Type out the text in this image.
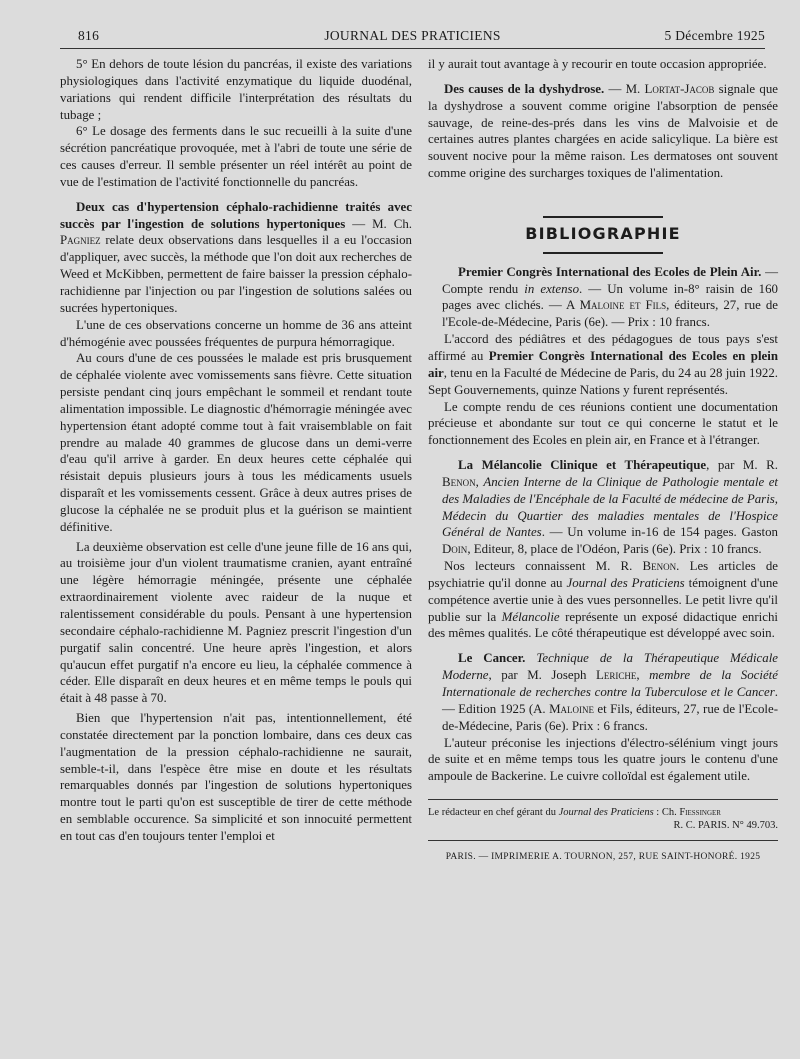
816	JOURNAL DES PRATICIENS	5 Décembre 1925

5° En dehors de toute lésion du pancréas, il existe des variations physiologiques dans l'activité enzymatique du liquide duodénal, variations qui rendent difficile l'interprétation des résultats du tubage ;

6° Le dosage des ferments dans le suc recueilli à la suite d'une sécrétion pancréatique provoquée, met à l'abri de toute une série de ces causes d'erreur. Il semble présenter un réel intérêt au point de vue de l'estimation de l'activité fonctionnelle du pancréas.

Deux cas d'hypertension céphalo-rachidienne traités avec succès par l'ingestion de solutions hypertoniques — M. Ch. Pagniez relate deux observations dans lesquelles il a eu l'occasion d'appliquer, avec succès, la méthode que l'on doit aux recherches de Weed et McKibben, permettent de faire baisser la pression céphalo-rachidienne par l'injection ou par l'ingestion de solutions salées ou sucrées hypertoniques.

L'une de ces observations concerne un homme de 36 ans atteint d'hémogénie avec poussées fréquentes de purpura hémorragique.

Au cours d'une de ces poussées le malade est pris brusquement de céphalée violente avec vomissements sans fièvre. Cette situation persiste pendant cinq jours empêchant le sommeil et rendant toute alimentation impossible. Le diagnostic d'hémorragie méningée avec hypertension étant adopté comme tout à fait vraisemblable on fait prendre au malade 40 grammes de glucose dans un demi-verre d'eau qu'il arrive à garder. En deux heures cette céphalée qui résistait depuis plusieurs jours à tous les médicaments usuels disparaît et les vomissements cessent. Grâce à deux autres prises de glucose la céphalée ne se produit plus et la guérison se maintient définitive.

La deuxième observation est celle d'une jeune fille de 16 ans qui, au troisième jour d'un violent traumatisme cranien, ayant entraîné une légère hémorragie méningée, présente une céphalée extraordinairement violente avec raideur de la nuque et ralentissement considérable du pouls. Pensant à une hypertension secondaire céphalo-rachidienne M. Pagniez prescrit l'ingestion d'un purgatif salin concentré. Une heure après l'ingestion, et alors qu'aucun effet purgatif n'a encore eu lieu, la céphalée commence à céder. Elle disparaît en deux heures et en même temps le pouls qui était à 48 passe à 70.

Bien que l'hypertension n'ait pas, intentionnellement, été constatée directement par la ponction lombaire, dans ces deux cas l'augmentation de la pression céphalo-rachidienne ne saurait, semble-t-il, dans l'espèce être mise en doute et les résultats remarquables donnés par l'ingestion de solutions hypertoniques montre tout le parti qu'on est susceptible de tirer de cette méthode en semblable occurence. Sa simplicité et son innocuité permettent en tout cas d'en toujours tenter l'emploi et

il y aurait tout avantage à y recourir en toute occasion appropriée.

Des causes de la dyshydrose. — M. Lortat-Jacob signale que la dyshydrose a souvent comme origine l'absorption de pensée sauvage, de reine-des-prés dans les vins de Malvoisie et de certaines autres plantes chargées en acide salicylique. La bière est souvent nocive pour la même raison. Les dermatoses ont souvent comme origine des surcharges toxiques de l'alimentation.

BIBLIOGRAPHIE

Premier Congrès International des Ecoles de Plein Air. — Compte rendu in extenso. — Un volume in-8° raisin de 160 pages avec clichés. — A Maloine et Fils, éditeurs, 27, rue de l'Ecole-de-Médecine, Paris (6e). — Prix : 10 francs.

L'accord des pédiâtres et des pédagogues de tous pays s'est affirmé au Premier Congrès International des Ecoles en plein air, tenu en la Faculté de Médecine de Paris, du 24 au 28 juin 1922. Sept Gouvernements, quinze Nations y furent représentés.

Le compte rendu de ces réunions contient une documentation précieuse et abondante sur tout ce qui concerne le statut et le fonctionnement des Ecoles en plein air, en France et à l'étranger.

La Mélancolie Clinique et Thérapeutique, par M. R. Benon, Ancien Interne de la Clinique de Pathologie mentale et des Maladies de l'Encéphale de la Faculté de médecine de Paris, Médecin du Quartier des maladies mentales de l'Hospice Général de Nantes. — Un volume in-16 de 154 pages. Gaston Doin, Editeur, 8, place de l'Odéon, Paris (6e). Prix : 10 francs.

Nos lecteurs connaissent M. R. Benon. Les articles de psychiatrie qu'il donne au Journal des Praticiens témoignent d'une compétence avertie unie à des vues personnelles. Le petit livre qu'il publie sur la Mélancolie représente un exposé didactique enrichi des mêmes qualités. Le côté thérapeutique est développé avec soin.

Le Cancer. Technique de la Thérapeutique Médicale Moderne, par M. Joseph Leriche, membre de la Société Internationale de recherches contre la Tuberculose et le Cancer. — Edition 1925 (A. Maloine et Fils, éditeurs, 27, rue de l'Ecole-de-Médecine, Paris (6e). Prix : 6 francs.

L'auteur préconise les injections d'électro-sélénium vingt jours de suite et en même temps tous les quatre jours le contenu d'une ampoule de Backerine. Le cuivre colloïdal est également utile.

Le rédacteur en chef gérant du Journal des Praticiens : Ch. Fiessinger
R. C. PARIS. N° 49.703.
PARIS. — IMPRIMERIE A. TOURNON, 257, RUE SAINT-HONORÉ. 1925
